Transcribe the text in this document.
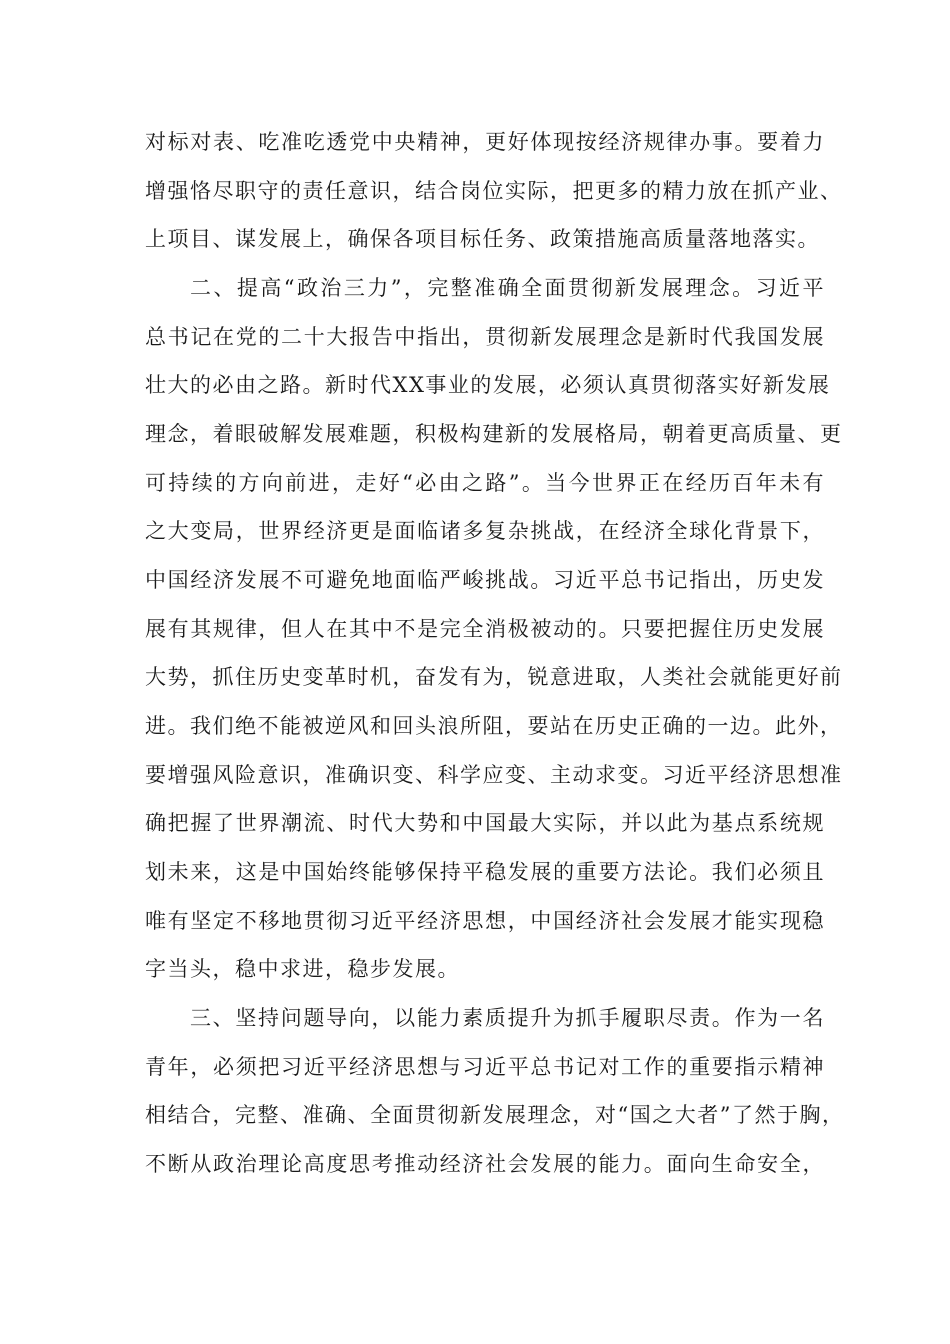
对标对表、吃准吃透党中央精神，更好体现按经济规律办事。要着力
增强恪尽职守的责任意识，结合岗位实际，把更多的精力放在抓产业、
上项目、谋发展上，确保各项目标任务、政策措施高质量落地落实。
二、提高“政治三力”，完整准确全面贯彻新发展理念。习近平
总书记在党的二十大报告中指出，贯彻新发展理念是新时代我国发展
壮大的必由之路。新时代XX事业的发展，必须认真贯彻落实好新发展
理念，着眼破解发展难题，积极构建新的发展格局，朝着更高质量、更
可持续的方向前进，走好“必由之路”。当今世界正在经历百年未有
之大变局，世界经济更是面临诸多复杂挑战，在经济全球化背景下，
中国经济发展不可避免地面临严峻挑战。习近平总书记指出，历史发
展有其规律，但人在其中不是完全消极被动的。只要把握住历史发展
大势，抓住历史变革时机，奋发有为，锐意进取，人类社会就能更好前
进。我们绝不能被逆风和回头浪所阻，要站在历史正确的一边。此外，
要增强风险意识，准确识变、科学应变、主动求变。习近平经济思想准
确把握了世界潮流、时代大势和中国最大实际，并以此为基点系统规
划未来，这是中国始终能够保持平稳发展的重要方法论。我们必须且
唯有坚定不移地贯彻习近平经济思想，中国经济社会发展才能实现稳
字当头，稳中求进，稳步发展。
三、坚持问题导向，以能力素质提升为抓手履职尽责。作为一名
青年，必须把习近平经济思想与习近平总书记对工作的重要指示精神
相结合，完整、准确、全面贯彻新发展理念，对“国之大者”了然于胸，
不断从政治理论高度思考推动经济社会发展的能力。面向生命安全，
